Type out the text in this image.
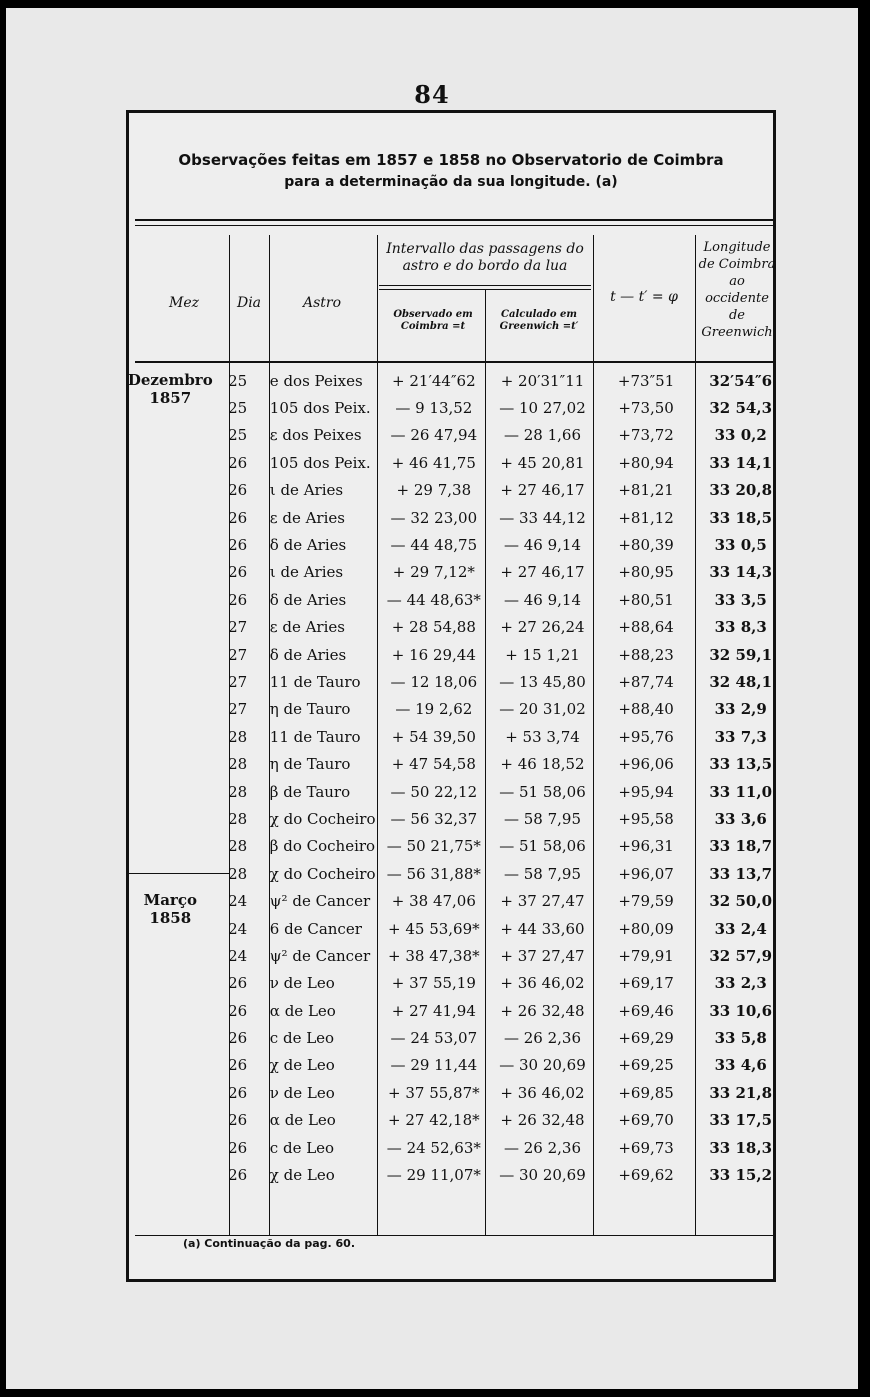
84
Observações feitas em 1857 e 1858 no Observatorio de Coimbra
para a determinação da sua longitude. (a)
Mez	Dia	Astro
Intervallo das passagens do astro e do bordo da lua
Observado em Coimbra =t
Calculado em Greenwich =t′
t — t′ = φ
Longitude de Coimbra ao occidente de Greenwich
Dezembro 1857	25	e dos Peixes	+ 21′44″62	+ 20′31″11	+73″51	32′54″6
	25	105 dos Peix.	— 9 13,52	— 10 27,02	+73,50	32 54,3
	25	ε dos Peixes	— 26 47,94	— 28 1,66	+73,72	33 0,2
	26	105 dos Peix.	+ 46 41,75	+ 45 20,81	+80,94	33 14,1
	26	ι de Aries	+ 29 7,38	+ 27 46,17	+81,21	33 20,8
	26	ε de Aries	— 32 23,00	— 33 44,12	+81,12	33 18,5
	26	δ de Aries	— 44 48,75	— 46 9,14	+80,39	33 0,5
	26	ι de Aries	+ 29 7,12*	+ 27 46,17	+80,95	33 14,3
	26	δ de Aries	— 44 48,63*	— 46 9,14	+80,51	33 3,5
	27	ε de Aries	+ 28 54,88	+ 27 26,24	+88,64	33 8,3
	27	δ de Aries	+ 16 29,44	+ 15 1,21	+88,23	32 59,1
	27	11 de Tauro	— 12 18,06	— 13 45,80	+87,74	32 48,1
	27	η de Tauro	— 19 2,62	— 20 31,02	+88,40	33 2,9
	28	11 de Tauro	+ 54 39,50	+ 53 3,74	+95,76	33 7,3
	28	η de Tauro	+ 47 54,58	+ 46 18,52	+96,06	33 13,5
	28	β de Tauro	— 50 22,12	— 51 58,06	+95,94	33 11,0
	28	χ do Cocheiro	— 56 32,37	— 58 7,95	+95,58	33 3,6
	28	β do Cocheiro	— 50 21,75*	— 51 58,06	+96,31	33 18,7
	28	χ do Cocheiro	— 56 31,88*	— 58 7,95	+96,07	33 13,7
Março 1858	24	ψ² de Cancer	+ 38 47,06	+ 37 27,47	+79,59	32 50,0
	24	6 de Cancer	+ 45 53,69*	+ 44 33,60	+80,09	33 2,4
	24	ψ² de Cancer	+ 38 47,38*	+ 37 27,47	+79,91	32 57,9
	26	ν de Leo	+ 37 55,19	+ 36 46,02	+69,17	33 2,3
	26	α de Leo	+ 27 41,94	+ 26 32,48	+69,46	33 10,6
	26	c de Leo	— 24 53,07	— 26 2,36	+69,29	33 5,8
	26	χ de Leo	— 29 11,44	— 30 20,69	+69,25	33 4,6
	26	ν de Leo	+ 37 55,87*	+ 36 46,02	+69,85	33 21,8
	26	α de Leo	+ 27 42,18*	+ 26 32,48	+69,70	33 17,5
	26	c de Leo	— 24 52,63*	— 26 2,36	+69,73	33 18,3
	26	χ de Leo	— 29 11,07*	— 30 20,69	+69,62	33 15,2
(a) Continuação da pag. 60.
